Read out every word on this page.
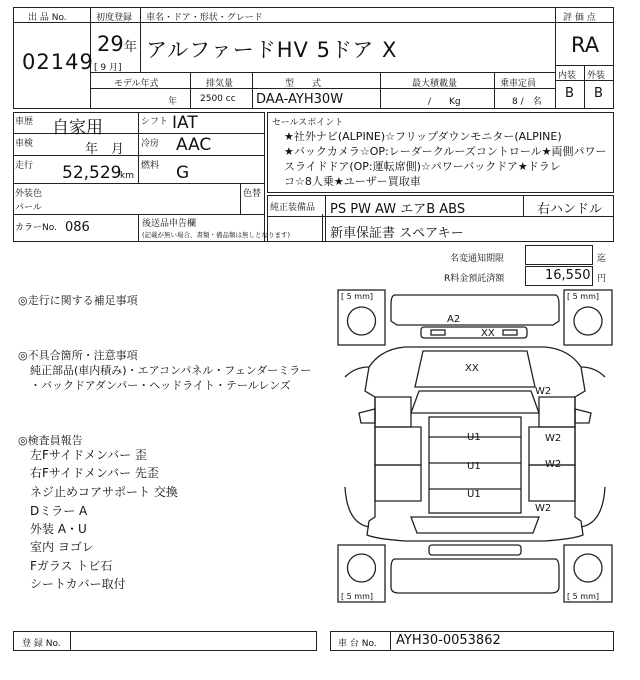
出 品 No.
02149
初度登録
29 年
[ 9 月]
車名・ドア・形状・グレード
アルファードHV 5ドア X
モデル年式
年
排気量
2500 cc
型　　式
DAA-AYH30W
最大積載量
/　　Kg
乗車定員
8 /　名
評 価 点
RA
内装 外装
B B
車歴 自家用
車検	年　月
走行 52,529
km
シフト IAT
冷房 AAC
燃料 G
外装色
パール
色替
カラーNo. 086	後送品申告欄
(記載が無い場合、書類・備品類は無しとなります)
セールスポイント
★社外ナビ(ALPINE)☆フリップダウンモニター(ALPINE)
★バックカメラ☆OP:レーダークルーズコントロール★両側パワー
スライドドア(OP:運転席側)☆パワーバックドア★ドラレ
コ☆8人乗★ユーザー買取車
純正装備品 PS PW AW エアB ABS	右ハンドル
新車保証書 スペアキー
名変通知期限	迄
R料金預託済額	16,550 円
◎走行に関する補足事項
◎不具合箇所・注意事項
純正部品(車内積み)・エアコンパネル・フェンダーミラー
・バックドアダンパー・ヘッドライト・テールレンズ
◎検査員報告
左Fサイドメンバー 歪
右Fサイドメンバー 先歪
ネジ止めコアサポート 交換
Dミラー A
外装 A・U
室内 ヨゴレ
Fガラス トビ石
シートカバー取付
[ 5 mm]	[ 5 mm]
[ 5 mm]	[ 5 mm]
A2
XX
XX
U1
U1
U1
W2
W2
W2
W2
登 録 No.	車 台 No. AYH30-0053862
